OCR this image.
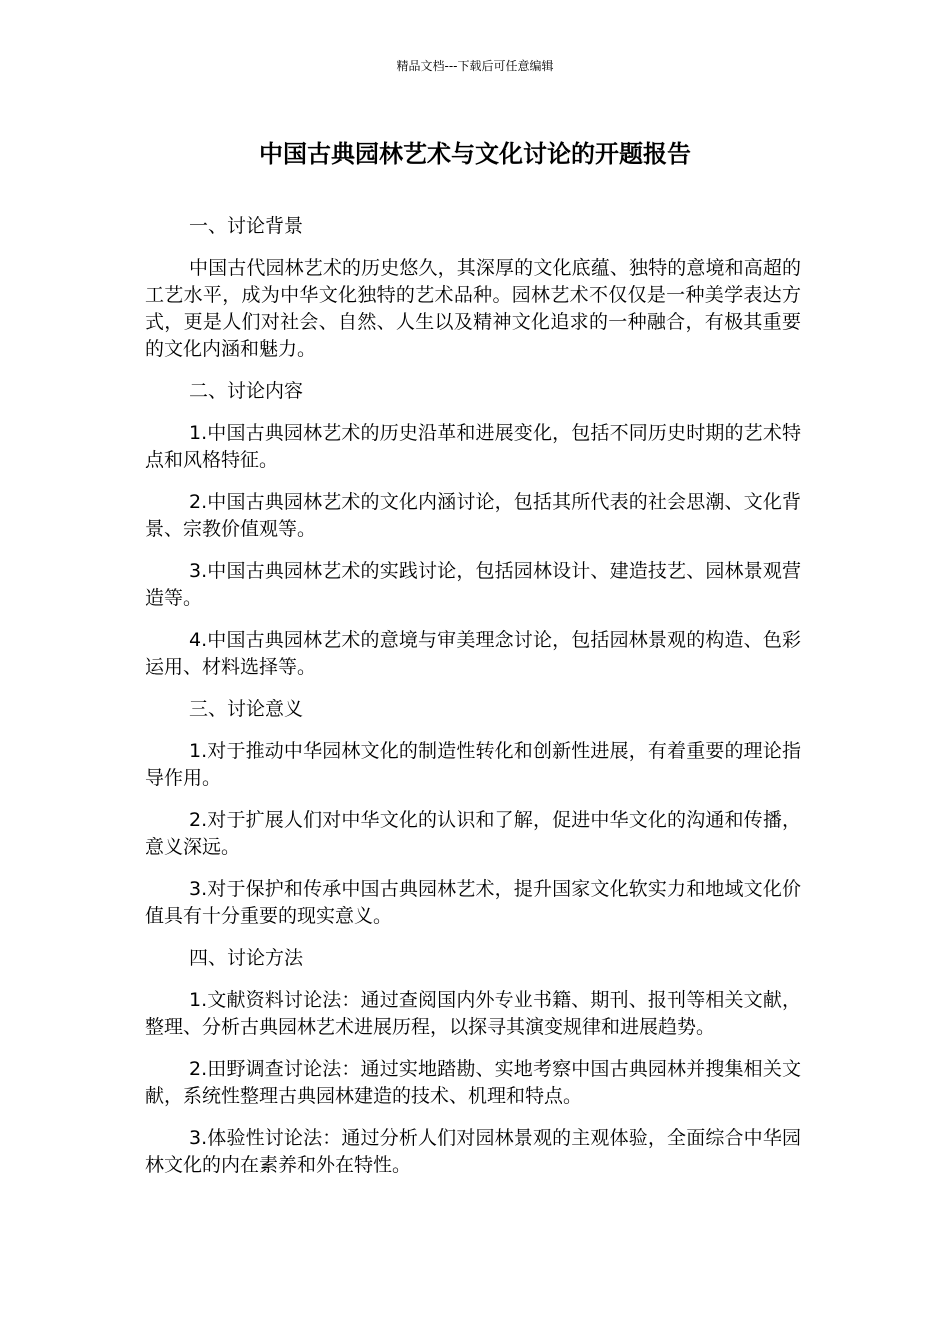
精品文档---下载后可任意编辑
中国古典园林艺术与文化讨论的开题报告

一、讨论背景

中国古代园林艺术的历史悠久，其深厚的文化底蕴、独特的意境和高超的工艺水平，成为中华文化独特的艺术品种。园林艺术不仅仅是一种美学表达方式，更是人们对社会、自然、人生以及精神文化追求的一种融合，有极其重要的文化内涵和魅力。

二、讨论内容

1.中国古典园林艺术的历史沿革和进展变化，包括不同历史时期的艺术特点和风格特征。

2.中国古典园林艺术的文化内涵讨论，包括其所代表的社会思潮、文化背景、宗教价值观等。

3.中国古典园林艺术的实践讨论，包括园林设计、建造技艺、园林景观营造等。

4.中国古典园林艺术的意境与审美理念讨论，包括园林景观的构造、色彩运用、材料选择等。

三、讨论意义

1.对于推动中华园林文化的制造性转化和创新性进展，有着重要的理论指导作用。

2.对于扩展人们对中华文化的认识和了解，促进中华文化的沟通和传播，意义深远。

3.对于保护和传承中国古典园林艺术，提升国家文化软实力和地域文化价值具有十分重要的现实意义。

四、讨论方法

1.文献资料讨论法：通过查阅国内外专业书籍、期刊、报刊等相关文献，整理、分析古典园林艺术进展历程，以探寻其演变规律和进展趋势。

2.田野调查讨论法：通过实地踏勘、实地考察中国古典园林并搜集相关文献，系统性整理古典园林建造的技术、机理和特点。

3.体验性讨论法：通过分析人们对园林景观的主观体验，全面综合中华园林文化的内在素养和外在特性。
